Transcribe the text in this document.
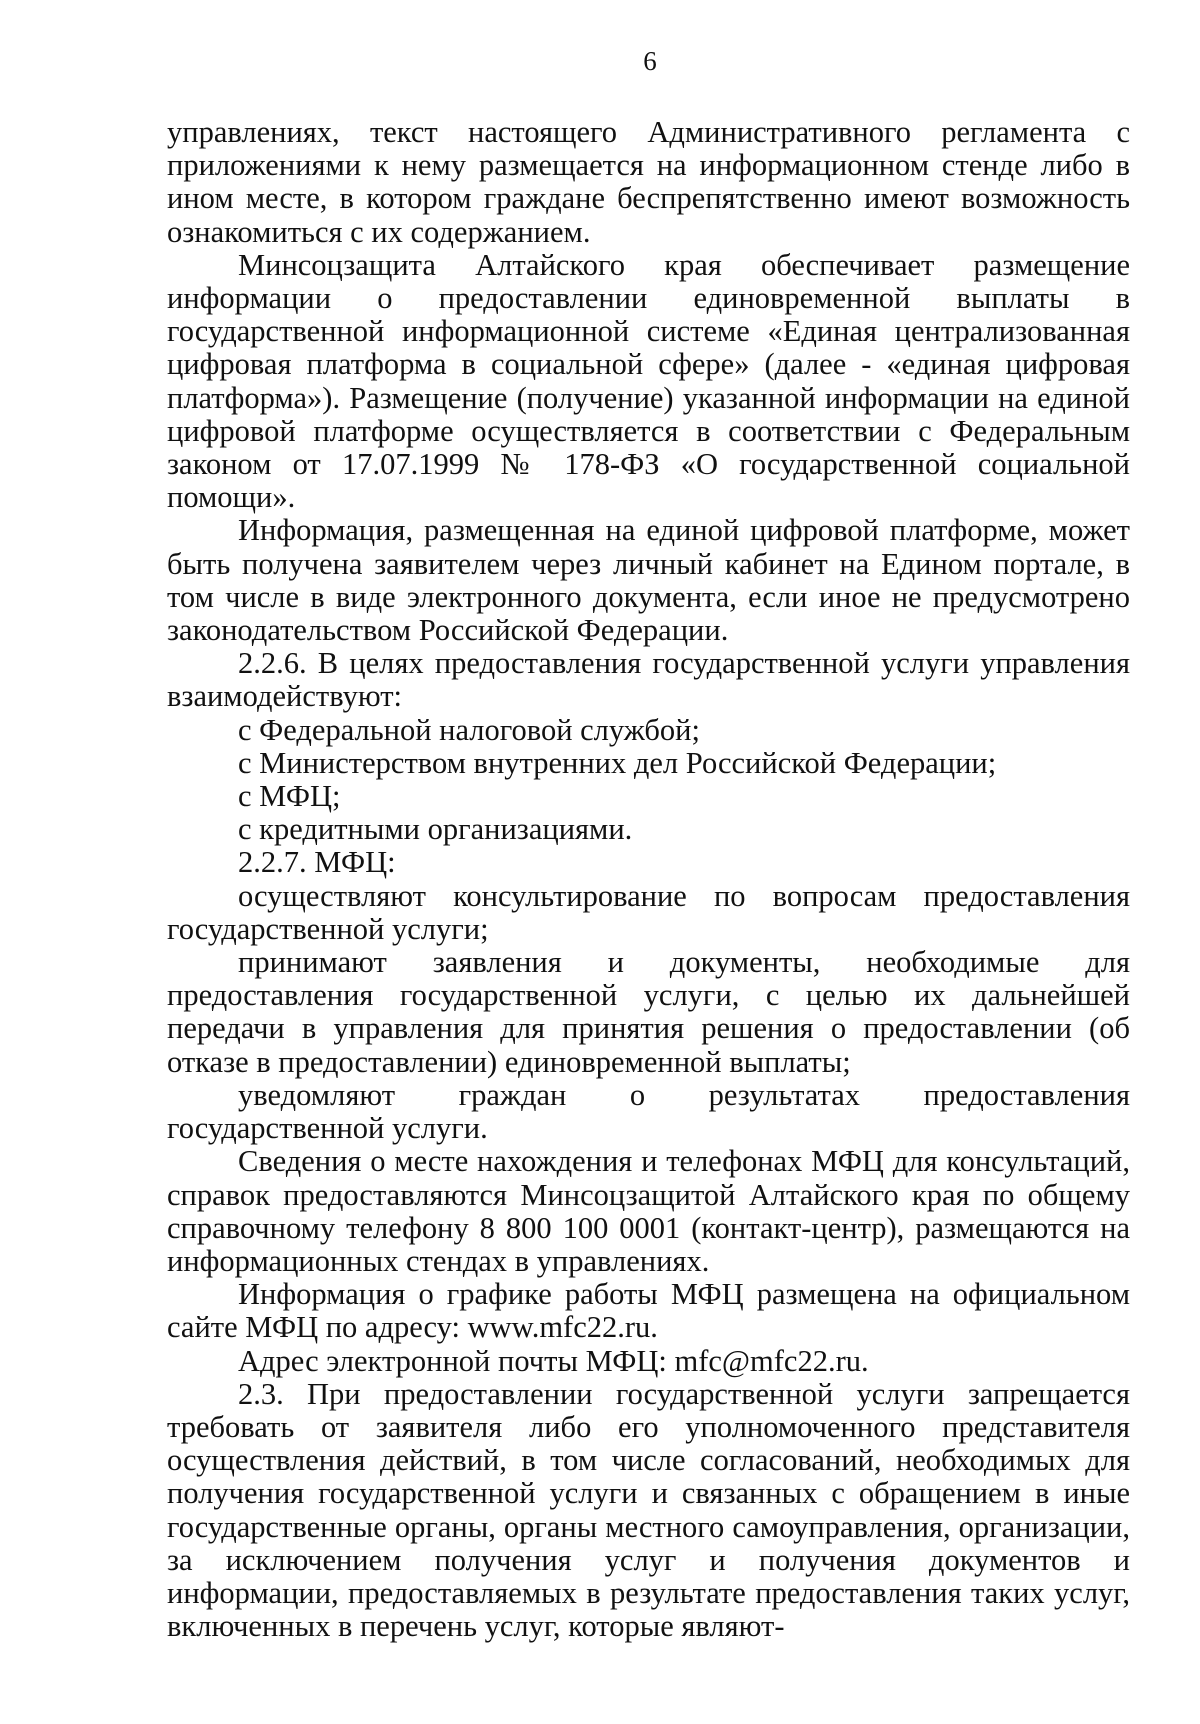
6

управлениях, текст настоящего Административного регламента с приложениями к нему размещается на информационном стенде либо в ином месте, в котором граждане беспрепятственно имеют возможность ознакомиться с их содержанием.

Минсоцзащита Алтайского края обеспечивает размещение информации о предоставлении единовременной выплаты в государственной информационной системе «Единая централизованная цифровая платформа в социальной сфере» (далее - «единая цифровая платформа»). Размещение (получение) указанной информации на единой цифровой платформе осуществляется в соответствии с Федеральным законом от 17.07.1999 № 178-ФЗ «О государственной социальной помощи».

Информация, размещенная на единой цифровой платформе, может быть получена заявителем через личный кабинет на Едином портале, в том числе в виде электронного документа, если иное не предусмотрено законодательством Российской Федерации.

2.2.6. В целях предоставления государственной услуги управления взаимодействуют:

с Федеральной налоговой службой;

с Министерством внутренних дел Российской Федерации;

с МФЦ;

с кредитными организациями.

2.2.7. МФЦ:

осуществляют консультирование по вопросам предоставления государственной услуги;

принимают заявления и документы, необходимые для предоставления государственной услуги, с целью их дальнейшей передачи в управления для принятия решения о предоставлении (об отказе в предоставлении) единовременной выплаты;

уведомляют граждан о результатах предоставления государственной услуги.

Сведения о месте нахождения и телефонах МФЦ для консультаций, справок предоставляются Минсоцзащитой Алтайского края по общему справочному телефону 8 800 100 0001 (контакт-центр), размещаются на информационных стендах в управлениях.

Информация о графике работы МФЦ размещена на официальном сайте МФЦ по адресу: www.mfc22.ru.

Адрес электронной почты МФЦ: mfc@mfc22.ru.

2.3. При предоставлении государственной услуги запрещается требовать от заявителя либо его уполномоченного представителя осуществления действий, в том числе согласований, необходимых для получения государственной услуги и связанных с обращением в иные государственные органы, органы местного самоуправления, организации, за исключением получения услуг и получения документов и информации, предоставляемых в результате предоставления таких услуг, включенных в перечень услуг, которые являют-
